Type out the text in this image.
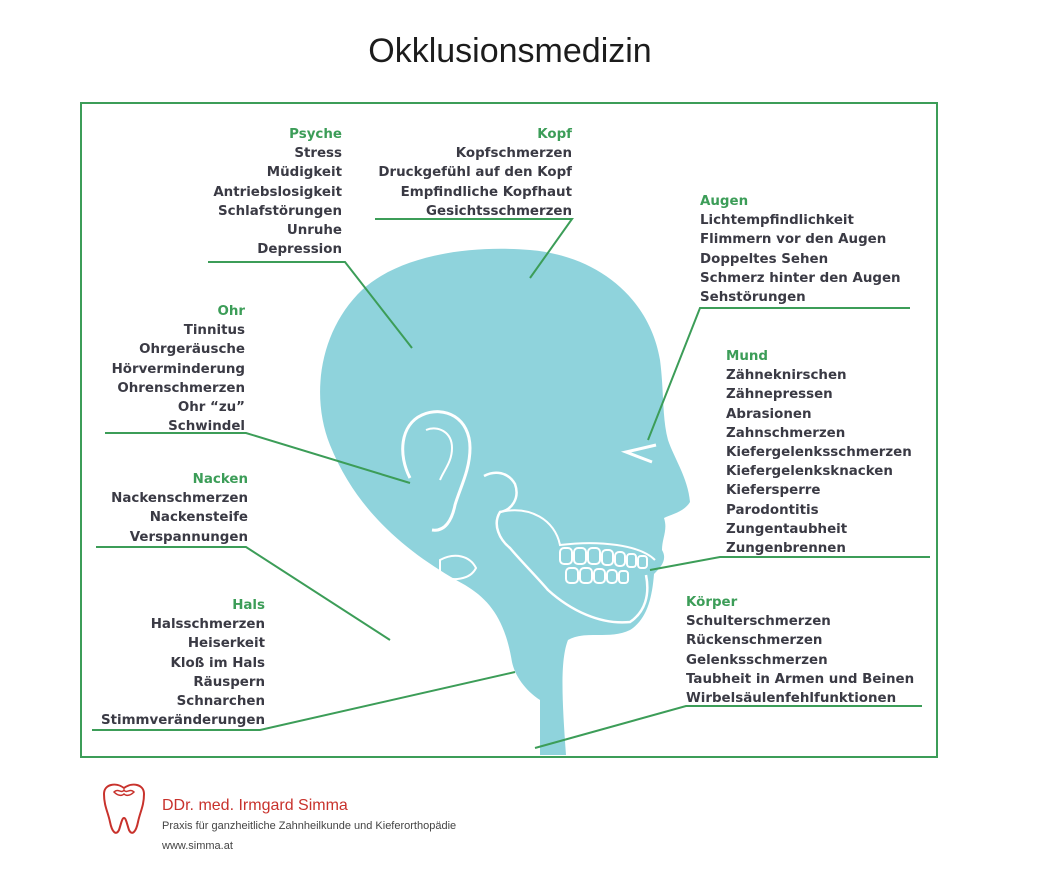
Okklusionsmedizin
Psyche
Stress
Müdigkeit
Antriebslosigkeit
Schlafstörungen
Unruhe
Depression
Kopf
Kopfschmerzen
Druckgefühl auf den Kopf
Empfindliche Kopfhaut
Gesichtsschmerzen
Augen
Lichtempfindlichkeit
Flimmern vor den Augen
Doppeltes Sehen
Schmerz hinter den Augen
Sehstörungen
Ohr
Tinnitus
Ohrgeräusche
Hörverminderung
Ohrenschmerzen
Ohr “zu”
Schwindel
Mund
Zähneknirschen
Zähnepressen
Abrasionen
Zahnschmerzen
Kiefergelenksschmerzen
Kiefergelenksknacken
Kiefersperre
Parodontitis
Zungentaubheit
Zungenbrennen
Nacken
Nackenschmerzen
Nackensteife
Verspannungen
Hals
Halsschmerzen
Heiserkeit
Kloß im Hals
Räuspern
Schnarchen
Stimmveränderungen
Körper
Schulterschmerzen
Rückenschmerzen
Gelenksschmerzen
Taubheit in Armen und Beinen
Wirbelsäulenfehlfunktionen
DDr. med. Irmgard Simma
Praxis für ganzheitliche Zahnheilkunde und Kieferorthopädie
www.simma.at
